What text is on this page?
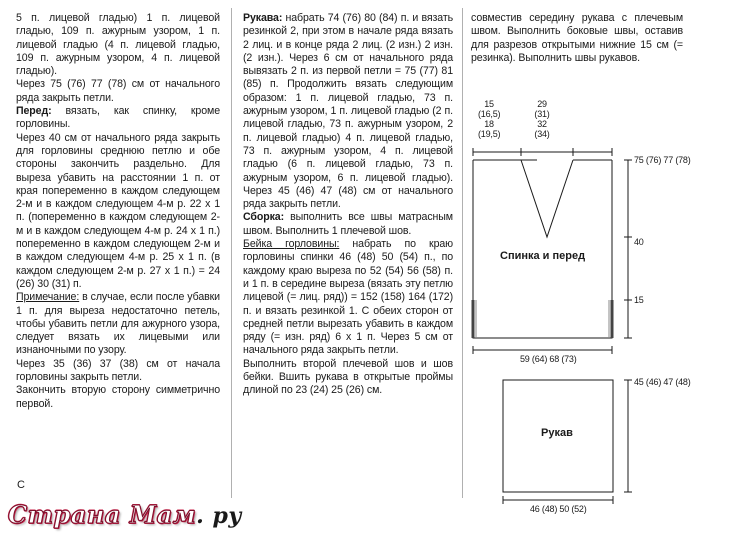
5 п. лицевой гладью) 1 п. лицевой гладью, 109 п. ажурным узором, 1 п. лицевой гладью (4 п. лицевой гладью, 109 п. ажурным узором, 4 п. лицевой гладью).

Через 75 (76) 77 (78) см от начального ряда закрыть петли.

Перед: вязать, как спинку, кроме горловины.

Через 40 см от начального ряда закрыть для горловины среднюю петлю и обе стороны закончить раздельно. Для выреза убавить на расстоянии 1 п. от края попеременно в каждом следующем 2-м и в каждом следующем 4-м р. 22 х 1 п. (попеременно в каждом следующем 2-м и в каждом следующем 4-м р. 24 х 1 п.) попеременно в каждом следующем 2-м и в каждом следующем 4-м р. 25 х 1 п. (в каждом следующем 2-м р. 27 х 1 п.) = 24 (26) 30 (31) п.

Примечание: в случае, если после убавки 1 п. для выреза недостаточно петель, чтобы убавить петли для ажурного узора, следует вязать их лицевыми или изнаночными по узору.

Через 35 (36) 37 (38) см от начала горловины закрыть петли.

Закончить вторую сторону симметрично первой.

Рукава: набрать 74 (76) 80 (84) п. и вязать резинкой 2, при этом в начале ряда вязать 2 лиц. и в конце ряда 2 лиц. (2 изн.) 2 изн. (2 изн.). Через 6 см от начального ряда вывязать 2 п. из первой петли = 75 (77) 81 (85) п. Продолжить вязать следующим образом: 1 п. лицевой гладью, 73 п. ажурным узором, 1 п. лицевой гладью (2 п. лицевой гладью, 73 п. ажурным узором, 2 п. лицевой гладью) 4 п. лицевой гладью, 73 п. ажурным узором, 4 п. лицевой гладью (6 п. лицевой гладью, 73 п. ажурным узором, 6 п. лицевой гладью). Через 45 (46) 47 (48) см от начального ряда закрыть петли.

Сборка: выполнить все швы матрасным швом. Выполнить 1 плечевой шов.

Бейка горловины: набрать по краю горловины спинки 46 (48) 50 (54) п., по каждому краю выреза по 52 (54) 56 (58) п. и 1 п. в середине выреза (вязать эту петлю лицевой (= лиц. ряд)) = 152 (158) 164 (172) п. и вязать резинкой 1. С обеих сторон от средней петли вырезать убавить в каждом ряду (= изн. ряд) 6 х 1 п. Через 5 см от начального ряда закрыть петли.

Выполнить второй плечевой шов и шов бейки. Вшить рукава в открытые проймы длиной по 23 (24) 25 (26) см.

совместив середину рукава с плечевым швом. Выполнить боковые швы, оставив для разрезов открытыми нижние 15 см (= резинка). Выполнить швы рукавов.

15
(16,5)
18
(19,5)
29
(31)
32
(34)
75 (76) 77 (78)
40
15
59 (64) 68 (73)
Спинка и перед
45 (46) 47 (48)
46 (48) 50 (52)
Рукав
С
Страна Мам. ру
